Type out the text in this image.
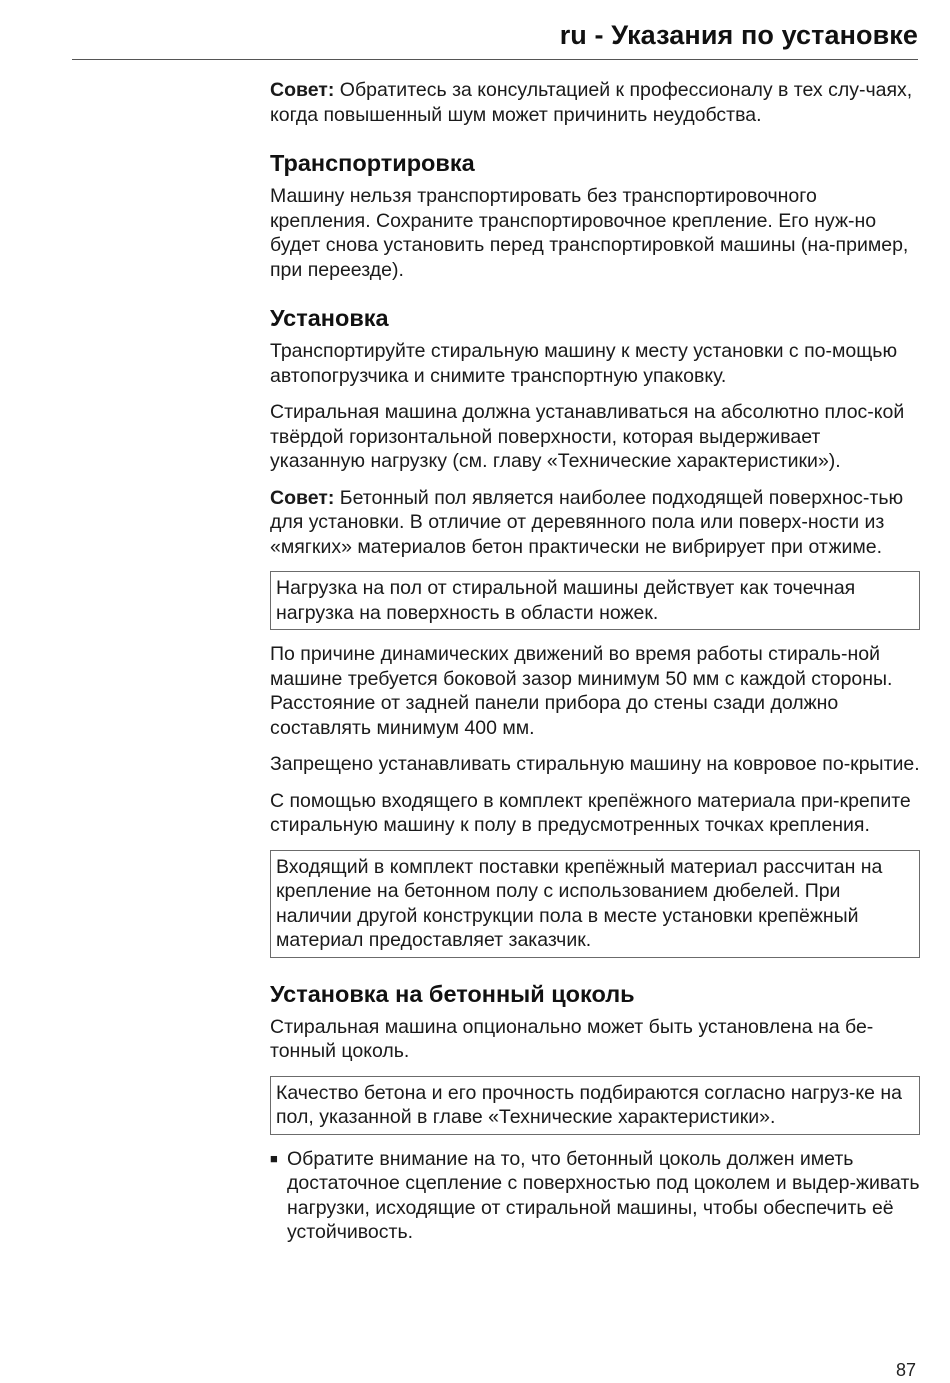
ru - Указания по установке

Совет: Обратитесь за консультацией к профессионалу в тех слу-чаях, когда повышенный шум может причинить неудобства.

Транспортировка

Машину нельзя транспортировать без транспортировочного крепления. Сохраните транспортировочное крепление. Его нуж-но будет снова установить перед транспортировкой машины (на-пример, при переезде).

Установка

Транспортируйте стиральную машину к месту установки с по-мощью автопогрузчика и снимите транспортную упаковку.

Стиральная машина должна устанавливаться на абсолютно плос-кой твёрдой горизонтальной поверхности, которая выдерживает указанную нагрузку (см. главу «Технические характеристики»).

Совет: Бетонный пол является наиболее подходящей поверхнос-тью для установки. В отличие от деревянного пола или поверх-ности из «мягких» материалов бетон практически не вибрирует при отжиме.

Нагрузка на пол от стиральной машины действует как точечная нагрузка на поверхность в области ножек.

По причине динамических движений во время работы стираль-ной машине требуется боковой зазор минимум 50 мм с каждой стороны. Расстояние от задней панели прибора до стены сзади должно составлять минимум 400 мм.

Запрещено устанавливать стиральную машину на ковровое по-крытие.

С помощью входящего в комплект крепёжного материала при-крепите стиральную машину к полу в предусмотренных точках крепления.

Входящий в комплект поставки крепёжный материал рассчитан на крепление на бетонном полу с использованием дюбелей. При наличии другой конструкции пола в месте установки крепёжный материал предоставляет заказчик.
Установка на бетонный цоколь

Стиральная машина опционально может быть установлена на бе-тонный цоколь.

Качество бетона и его прочность подбираются согласно нагруз-ке на пол, указанной в главе «Технические характеристики».
■ Обратите внимание на то, что бетонный цоколь должен иметь достаточное сцепление с поверхностью под цоколем и выдер-живать нагрузки, исходящие от стиральной машины, чтобы обеспечить её устойчивость.

87
